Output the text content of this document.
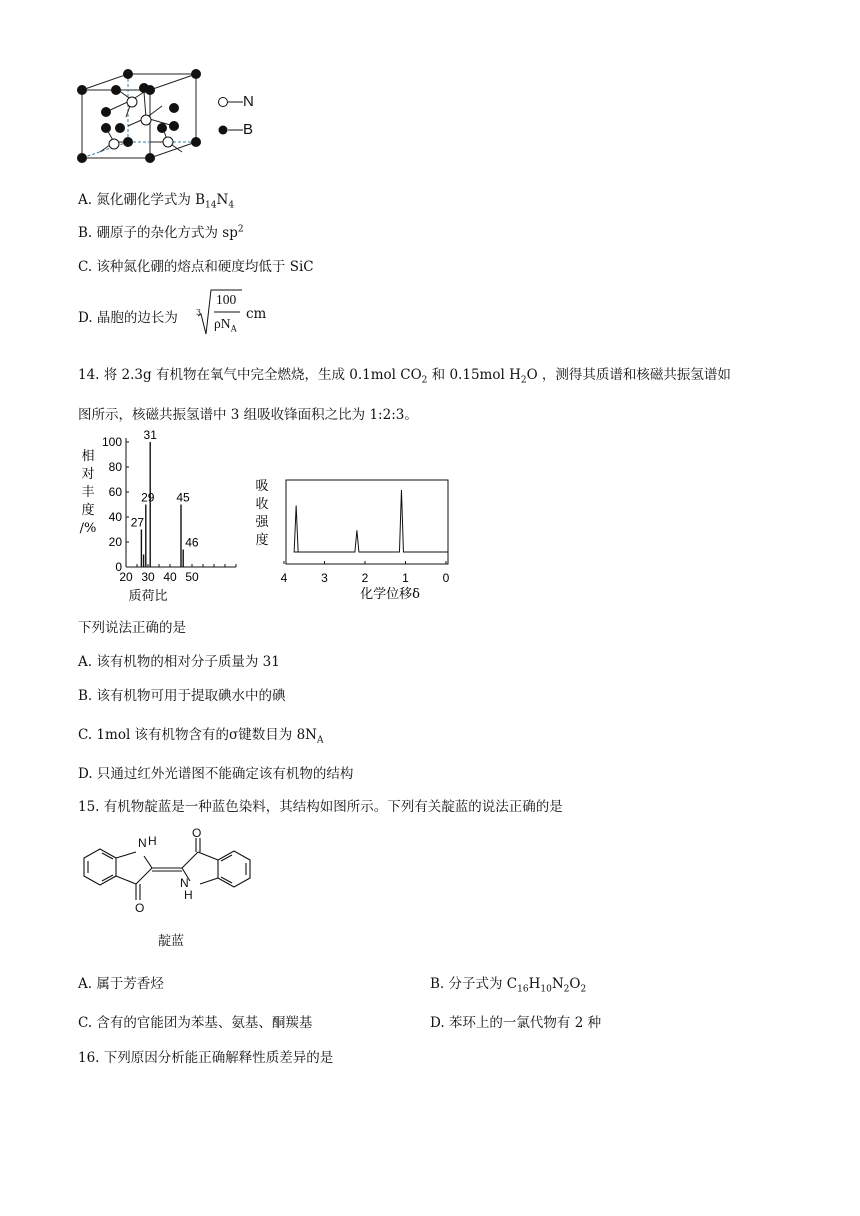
—N
—B
A. 氮化硼化学式为 $B_{14}N_4$
B. 硼原子的杂化方式为 $sp^2$
C. 该种氮化硼的熔点和硬度均低于 SiC
D. 晶胞的边长为 3
100
$\rho N_A$
cm
14. 将 2.3g 有机物在氧气中完全燃烧，生成 0.1mol $CO_2$ 和 0.15mol $H_2O$ ，测得其质谱和核磁共振氢谱如
图所示，核磁共振氢谱中 3 组吸收锋面积之比为 1:2:3。
0
20
40
60
80
100
20 30 40 50
27
29
31
45
46
相
对
丰
度
/%
质荷比
4	3	2	1	0
吸
收
强
度
化学位移δ
下列说法正确的是
A. 该有机物的相对分子质量为 31
B. 该有机物可用于提取碘水中的碘
C. 1mol 该有机物含有的σ键数目为 $8N_A$
D. 只通过红外光谱图不能确定该有机物的结构
15. 有机物靛蓝是一种蓝色染料，其结构如图所示。下列有关靛蓝的说法正确的是
N H
O
N
H
O
靛蓝
A. 属于芳香烃	B. 分子式为 $C_{16}H_{10}N_2O_2$
C. 含有的官能团为苯基、氨基、酮羰基	D. 苯环上的一氯代物有 2 种
16. 下列原因分析能正确解释性质差异的是
